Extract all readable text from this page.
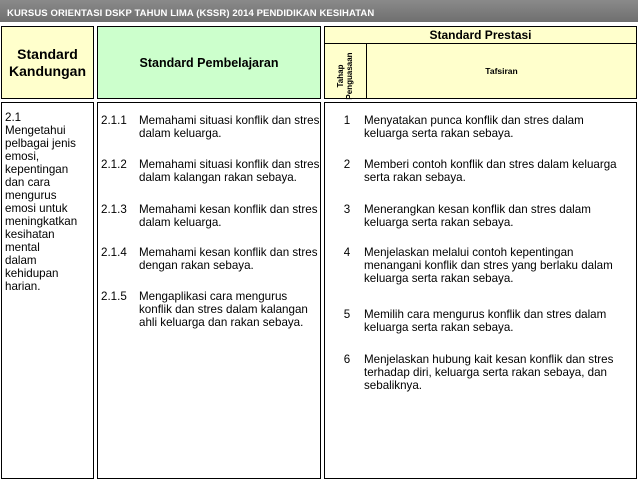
KURSUS ORIENTASI DSKP TAHUN LIMA (KSSR) 2014 PENDIDIKAN KESIHATAN
Standard
Kandungan	Standard Pembelajaran
Standard Prestasi
Tahap Penguasaan	Tafsiran
2.1
Mengetahui
pelbagai jenis
emosi,
kepentingan
dan cara
mengurus
emosi untuk
meningkatkan
kesihatan
mental
dalam
kehidupan
harian.
2.1.1	Memahami situasi konflik dan stres
dalam keluarga.
2.1.2	Memahami situasi konflik dan stres
dalam kalangan rakan sebaya.
2.1.3	Memahami kesan konflik dan stres
dalam keluarga.
2.1.4	Memahami kesan konflik dan stres
dengan rakan sebaya.
2.1.5	Mengaplikasi cara mengurus
konflik dan stres dalam kalangan
ahli keluarga dan rakan sebaya.
1	Menyatakan punca konflik dan stres dalam
keluarga serta rakan sebaya.
2	Memberi contoh konflik dan stres dalam keluarga
serta rakan sebaya.
3	Menerangkan kesan konflik dan stres dalam
keluarga serta rakan sebaya.
4	Menjelaskan melalui contoh kepentingan
menangani konflik dan stres yang berlaku dalam
keluarga serta rakan sebaya.
5	Memilih cara mengurus konflik dan stres dalam
keluarga serta rakan sebaya.
6	Menjelaskan hubung kait kesan konflik dan stres
terhadap diri, keluarga serta rakan sebaya, dan
sebaliknya.
